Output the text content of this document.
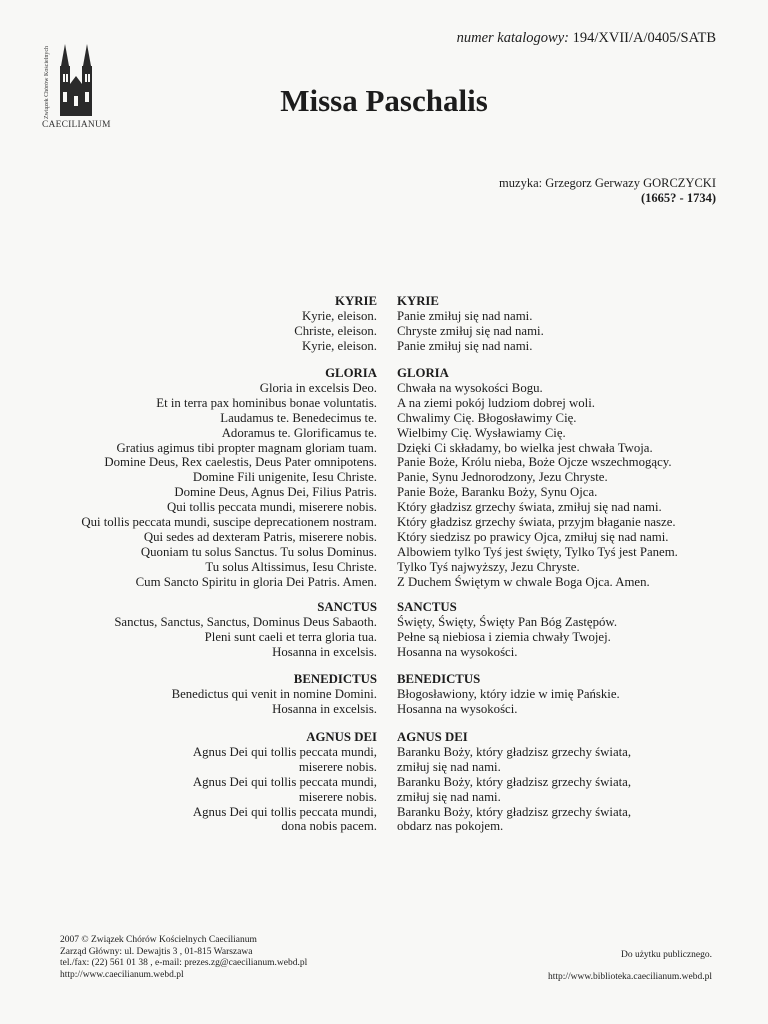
numer katalogowy: 194/XVII/A/0405/SATB
Związek Chórów Kościelnych
CAECILIANUM
Missa Paschalis
muzyka: Grzegorz Gerwazy GORCZYCKI
(1665? - 1734)
KYRIE
Kyrie, eleison.
Christe, eleison.
Kyrie, eleison.
KYRIE
Panie zmiłuj się nad nami.
Chryste zmiłuj się nad nami.
Panie zmiłuj się nad nami.
GLORIA
Gloria in excelsis Deo.
Et in terra pax hominibus bonae voluntatis.
Laudamus te. Benedecimus te.
Adoramus te. Glorificamus te.
Gratius agimus tibi propter magnam gloriam tuam.
Domine Deus, Rex caelestis, Deus Pater omnipotens.
Domine Fili unigenite, Iesu Christe.
Domine Deus, Agnus Dei, Filius Patris.
Qui tollis peccata mundi, miserere nobis.
Qui tollis peccata mundi, suscipe deprecationem nostram.
Qui sedes ad dexteram Patris, miserere nobis.
Quoniam tu solus Sanctus. Tu solus Dominus.
Tu solus Altissimus, Iesu Christe.
Cum Sancto Spiritu in gloria Dei Patris. Amen.
GLORIA
Chwała na wysokości Bogu.
A na ziemi pokój ludziom dobrej woli.
Chwalimy Cię. Błogosławimy Cię.
Wielbimy Cię. Wysławiamy Cię.
Dzięki Ci składamy, bo wielka jest chwała Twoja.
Panie Boże, Królu nieba, Boże Ojcze wszechmogący.
Panie, Synu Jednorodzony, Jezu Chryste.
Panie Boże, Baranku Boży, Synu Ojca.
Który gładzisz grzechy świata, zmiłuj się nad nami.
Który gładzisz grzechy świata, przyjm błaganie nasze.
Który siedzisz po prawicy Ojca, zmiłuj się nad nami.
Albowiem tylko Tyś jest święty, Tylko Tyś jest Panem.
Tylko Tyś najwyższy, Jezu Chryste.
Z Duchem Świętym w chwale Boga Ojca. Amen.
SANCTUS
Sanctus, Sanctus, Sanctus, Dominus Deus Sabaoth.
Pleni sunt caeli et terra gloria tua.
Hosanna in excelsis.
SANCTUS
Święty, Święty, Święty Pan Bóg Zastępów.
Pełne są niebiosa i ziemia chwały Twojej.
Hosanna na wysokości.
BENEDICTUS
Benedictus qui venit in nomine Domini.
Hosanna in excelsis.
BENEDICTUS
Błogosławiony, który idzie w imię Pańskie.
Hosanna na wysokości.
AGNUS DEI
Agnus Dei qui tollis peccata mundi,
miserere nobis.
Agnus Dei qui tollis peccata mundi,
miserere nobis.
Agnus Dei qui tollis peccata mundi,
dona nobis pacem.
AGNUS DEI
Baranku Boży, który gładzisz grzechy świata,
zmiłuj się nad nami.
Baranku Boży, który gładzisz grzechy świata,
zmiłuj się nad nami.
Baranku Boży, który gładzisz grzechy świata,
obdarz nas pokojem.
2007 © Związek Chórów Kościelnych Caecilianum
Zarząd Główny: ul. Dewajtis 3 , 01-815 Warszawa
tel./fax: (22) 561 01 38 , e-mail: prezes.zg@caecilianum.webd.pl
http://www.caecilianum.webd.pl
Do użytku publicznego.
http://www.biblioteka.caecilianum.webd.pl
